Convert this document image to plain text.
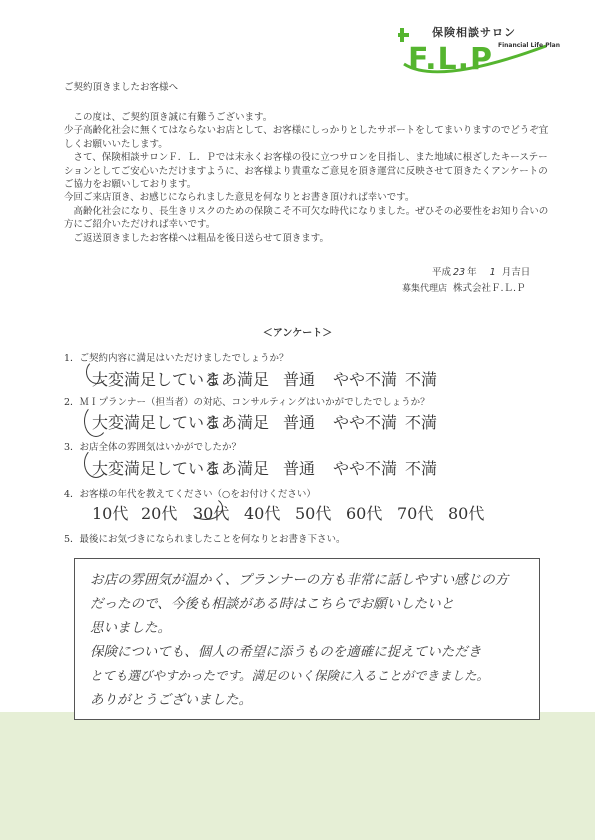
保険相談サロン
F.L.P Financial Life Plan
ご契約頂きましたお客様へ

　この度は、ご契約頂き誠に有難うございます。

少子高齢化社会に無くてはならないお店として、お客様にしっかりとしたサポートをしてまいりますのでどうぞ宜しくお願いいたします。

　さて、保険相談サロンＦ．Ｌ．Ｐでは末永くお客様の役に立つサロンを目指し、また地域に根ざしたキーステーションとしてご安心いただけますように、お客様より貴重なご意見を頂き運営に反映させて頂きたくアンケートのご協力をお願いしております。

今回ご来店頂き、お感じになられました意見を何なりとお書き頂ければ幸いです。

　高齢化社会になり、長生きリスクのための保険こそ不可欠な時代になりました。ぜひその必要性をお知り合いの方にご紹介いただければ幸いです。

　ご返送頂きましたお客様へは粗品を後日送らせて頂きます。

平成 23 年 1 月吉日
募集代理店 株式会社Ｆ.Ｌ.Ｐ
＜アンケート＞
1．ご契約内容に満足はいただけましたでしょうか？
大変満足している
まあ満足 普通 やや不満 不満
2．ＭＩプランナー（担当者）の対応、コンサルティングはいかがでしたでしょうか？
大変満足している
まあ満足 普通 やや不満 不満
3．お店全体の雰囲気はいかがでしたか？
大変満足している
まあ満足 普通 やや不満 不満
4．お客様の年代を教えてください（○をお付けください）
10代 20代 30代 40代 50代 60代 70代 80代
5．最後にお気づきになられましたことを何なりとお書き下さい。

お店の雰囲気が温かく、プランナーの方も非常に話しやすい感じの方

だったので、今後も相談がある時はこちらでお願いしたいと

思いました。

保険についても、個人の希望に添うものを適確に捉えていただき

とても選びやすかったです。満足のいく保険に入ることができました。

ありがとうございました。
